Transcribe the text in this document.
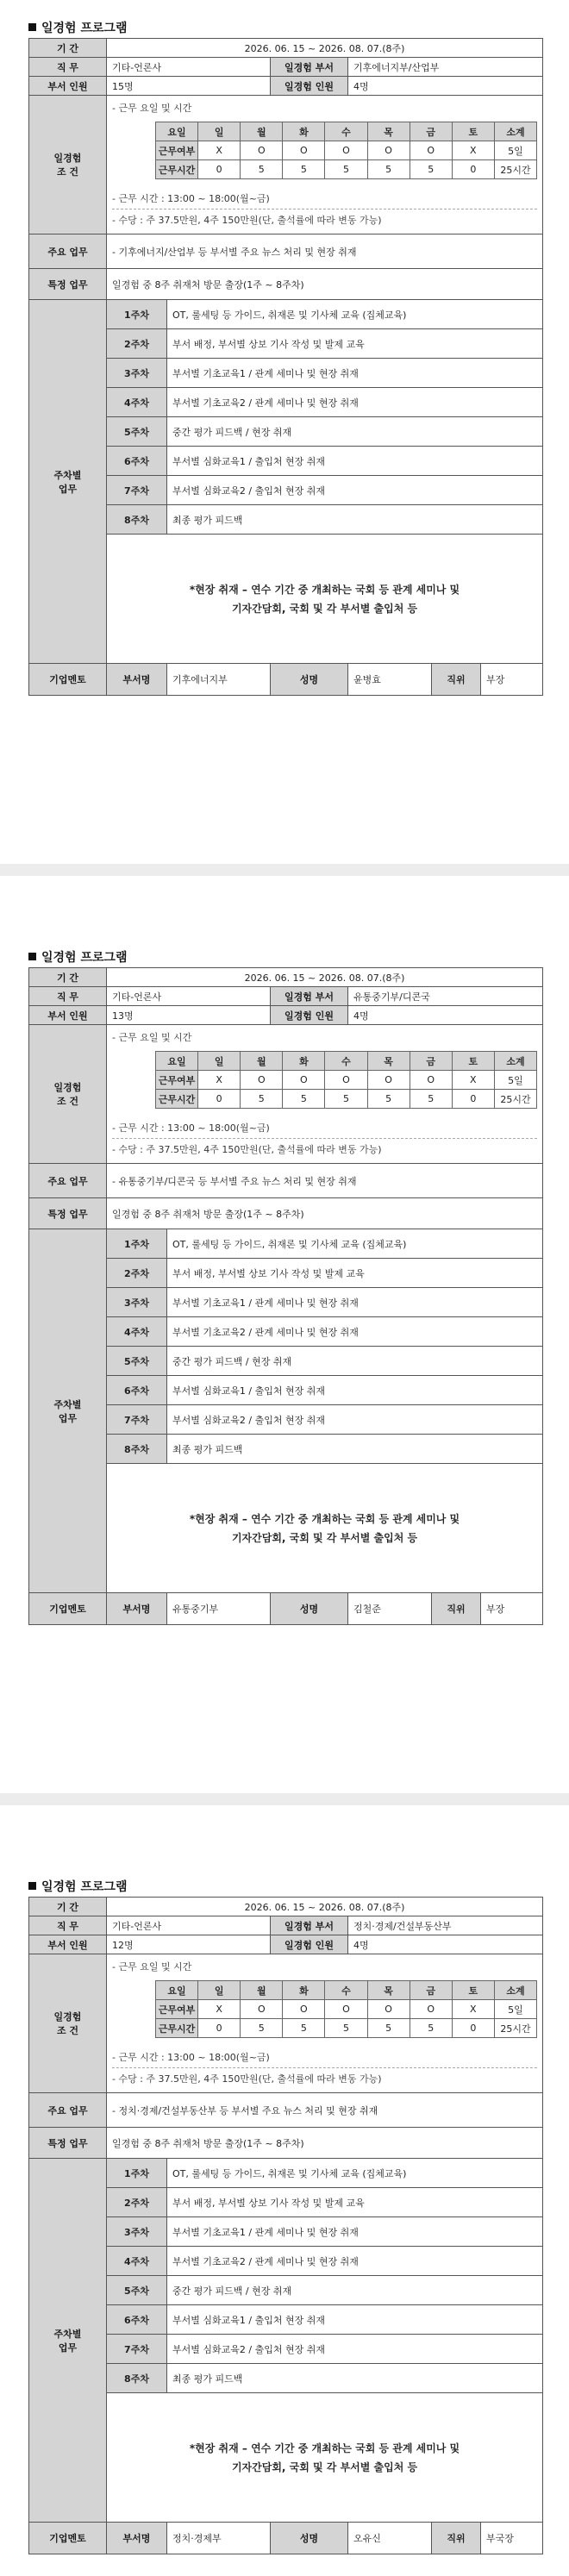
일경험 프로그램
기 간	2026. 06. 15 ~ 2026. 08. 07.(8주)
직 무	기타-언론사	일경험 부서	기후에너지부/산업부
부서 인원	15명	일경험 인원	4명
일경험
조 건	
- 근무 요일 및 시간
요일	일	월	화	수	목	금	토	소계
근무여부	X	O	O	O	O	O	X	5일
근무시간	0	5	5	5	5	5	0	25시간
- 근무 시간 : 13:00 ~ 18:00(월~금)
- 수당 : 주 37.5만원, 4주 150만원(단, 출석률에 따라 변동 가능)

주요 업무	- 기후에너지/산업부 등 부서별 주요 뉴스 처리 및 현장 취재
특정 업무	일경험 중 8주 취재처 방문 출장(1주 ~ 8주차)
주차별
업무	1주차	OT, 룰세팅 등 가이드, 취재론 및 기사체 교육 (집체교육)
2주차	부서 배정, 부서별 상보 기사 작성 및 발제 교육
3주차	부서별 기초교육1 / 관계 세미나 및 현장 취재
4주차	부서별 기초교육2 / 관계 세미나 및 현장 취재
5주차	중간 평가 피드백 / 현장 취재
6주차	부서별 심화교육1 / 출입처 현장 취재
7주차	부서별 심화교육2 / 출입처 현장 취재
8주차	최종 평가 피드백

*현장 취재 – 연수 기간 중 개최하는 국회 등 관계 세미나 및
기자간담회, 국회 및 각 부서별 출입처 등

기업멘토	부서명	기후에너지부	성명	윤병효	직위	부장
일경험 프로그램
기 간	2026. 06. 15 ~ 2026. 08. 07.(8주)
직 무	기타-언론사	일경험 부서	유통중기부/디콘국
부서 인원	13명	일경험 인원	4명
일경험
조 건	
- 근무 요일 및 시간
요일	일	월	화	수	목	금	토	소계
근무여부	X	O	O	O	O	O	X	5일
근무시간	0	5	5	5	5	5	0	25시간
- 근무 시간 : 13:00 ~ 18:00(월~금)
- 수당 : 주 37.5만원, 4주 150만원(단, 출석률에 따라 변동 가능)

주요 업무	- 유통중기부/디콘국 등 부서별 주요 뉴스 처리 및 현장 취재
특정 업무	일경험 중 8주 취재처 방문 출장(1주 ~ 8주차)
주차별
업무	1주차	OT, 룰세팅 등 가이드, 취재론 및 기사체 교육 (집체교육)
2주차	부서 배정, 부서별 상보 기사 작성 및 발제 교육
3주차	부서별 기초교육1 / 관계 세미나 및 현장 취재
4주차	부서별 기초교육2 / 관계 세미나 및 현장 취재
5주차	중간 평가 피드백 / 현장 취재
6주차	부서별 심화교육1 / 출입처 현장 취재
7주차	부서별 심화교육2 / 출입처 현장 취재
8주차	최종 평가 피드백

*현장 취재 – 연수 기간 중 개최하는 국회 등 관계 세미나 및
기자간담회, 국회 및 각 부서별 출입처 등

기업멘토	부서명	유통중기부	성명	김철준	직위	부장
일경험 프로그램
기 간	2026. 06. 15 ~ 2026. 08. 07.(8주)
직 무	기타-언론사	일경험 부서	정치·경제/건설부동산부
부서 인원	12명	일경험 인원	4명
일경험
조 건	
- 근무 요일 및 시간
요일	일	월	화	수	목	금	토	소계
근무여부	X	O	O	O	O	O	X	5일
근무시간	0	5	5	5	5	5	0	25시간
- 근무 시간 : 13:00 ~ 18:00(월~금)
- 수당 : 주 37.5만원, 4주 150만원(단, 출석률에 따라 변동 가능)

주요 업무	- 정치·경제/건설부동산부 등 부서별 주요 뉴스 처리 및 현장 취재
특정 업무	일경험 중 8주 취재처 방문 출장(1주 ~ 8주차)
주차별
업무	1주차	OT, 룰세팅 등 가이드, 취재론 및 기사체 교육 (집체교육)
2주차	부서 배정, 부서별 상보 기사 작성 및 발제 교육
3주차	부서별 기초교육1 / 관계 세미나 및 현장 취재
4주차	부서별 기초교육2 / 관계 세미나 및 현장 취재
5주차	중간 평가 피드백 / 현장 취재
6주차	부서별 심화교육1 / 출입처 현장 취재
7주차	부서별 심화교육2 / 출입처 현장 취재
8주차	최종 평가 피드백

*현장 취재 – 연수 기간 중 개최하는 국회 등 관계 세미나 및
기자간담회, 국회 및 각 부서별 출입처 등

기업멘토	부서명	정치·경제부	성명	오유신	직위	부국장
